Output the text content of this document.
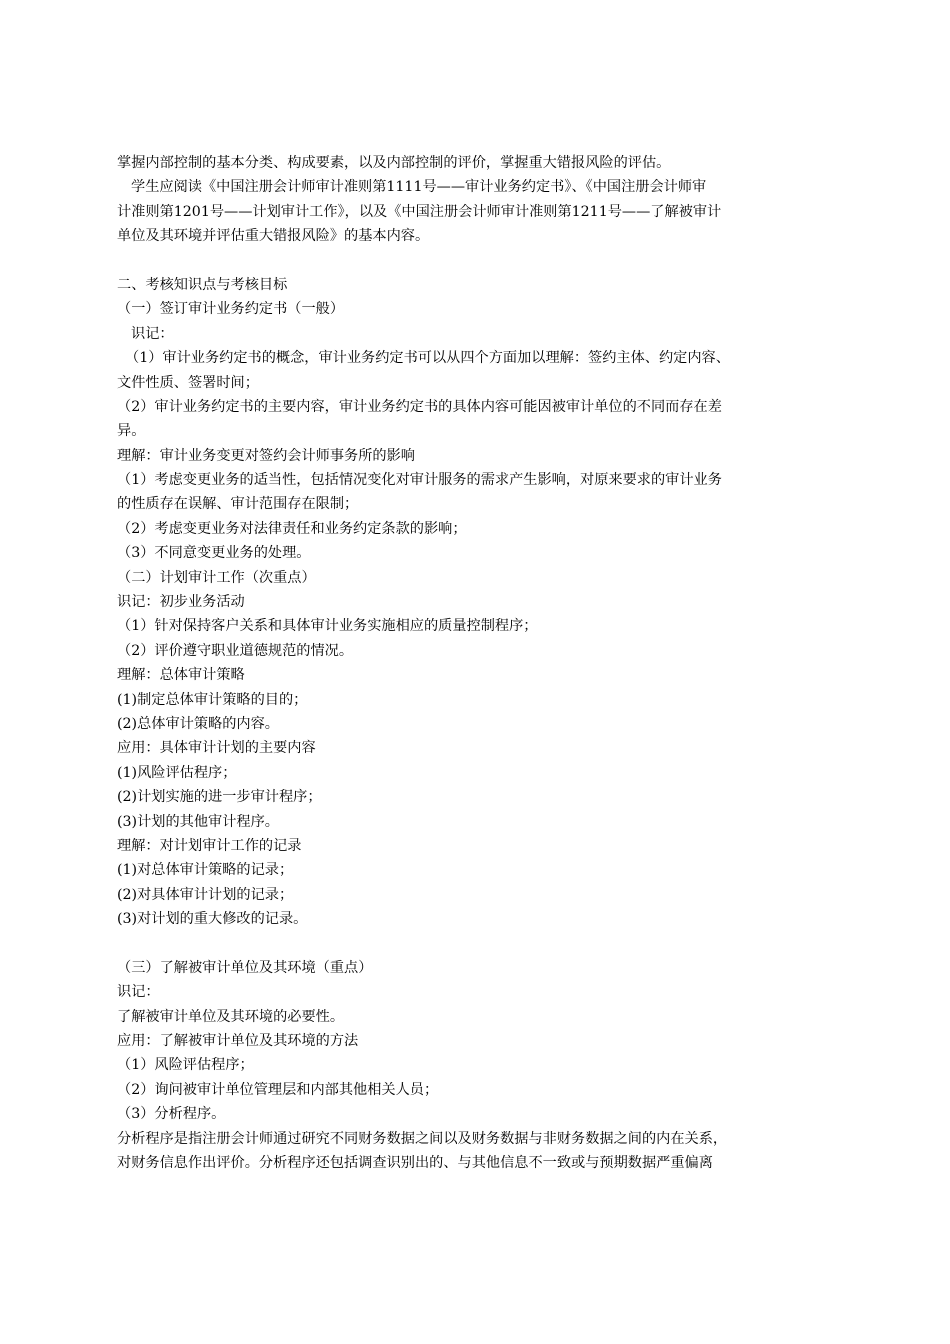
掌握内部控制的基本分类、构成要素，以及内部控制的评价，掌握重大错报风险的评估。
学生应阅读《中国注册会计师审计准则第1111号——审计业务约定书》、《中国注册会计师审
计准则第1201号——计划审计工作》，以及《中国注册会计师审计准则第1211号——了解被审计
单位及其环境并评估重大错报风险》的基本内容。
二、考核知识点与考核目标
（一）签订审计业务约定书（一般）
识记：
（1）审计业务约定书的概念，审计业务约定书可以从四个方面加以理解：签约主体、约定内容、
文件性质、签署时间；
（2）审计业务约定书的主要内容，审计业务约定书的具体内容可能因被审计单位的不同而存在差
异。
理解：审计业务变更对签约会计师事务所的影响
（1）考虑变更业务的适当性，包括情况变化对审计服务的需求产生影响，对原来要求的审计业务
的性质存在误解、审计范围存在限制；
（2）考虑变更业务对法律责任和业务约定条款的影响；
（3）不同意变更业务的处理。
（二）计划审计工作（次重点）
识记：初步业务活动
（1）针对保持客户关系和具体审计业务实施相应的质量控制程序；
（2）评价遵守职业道德规范的情况。
理解：总体审计策略
(1)制定总体审计策略的目的；
(2)总体审计策略的内容。
应用：具体审计计划的主要内容
(1)风险评估程序；
(2)计划实施的进一步审计程序；
(3)计划的其他审计程序。
理解：对计划审计工作的记录
(1)对总体审计策略的记录；
(2)对具体审计计划的记录；
(3)对计划的重大修改的记录。
（三）了解被审计单位及其环境（重点）
识记：
了解被审计单位及其环境的必要性。
应用：了解被审计单位及其环境的方法
（1）风险评估程序；
（2）询问被审计单位管理层和内部其他相关人员；
（3）分析程序。
分析程序是指注册会计师通过研究不同财务数据之间以及财务数据与非财务数据之间的内在关系，
对财务信息作出评价。分析程序还包括调查识别出的、与其他信息不一致或与预期数据严重偏离
